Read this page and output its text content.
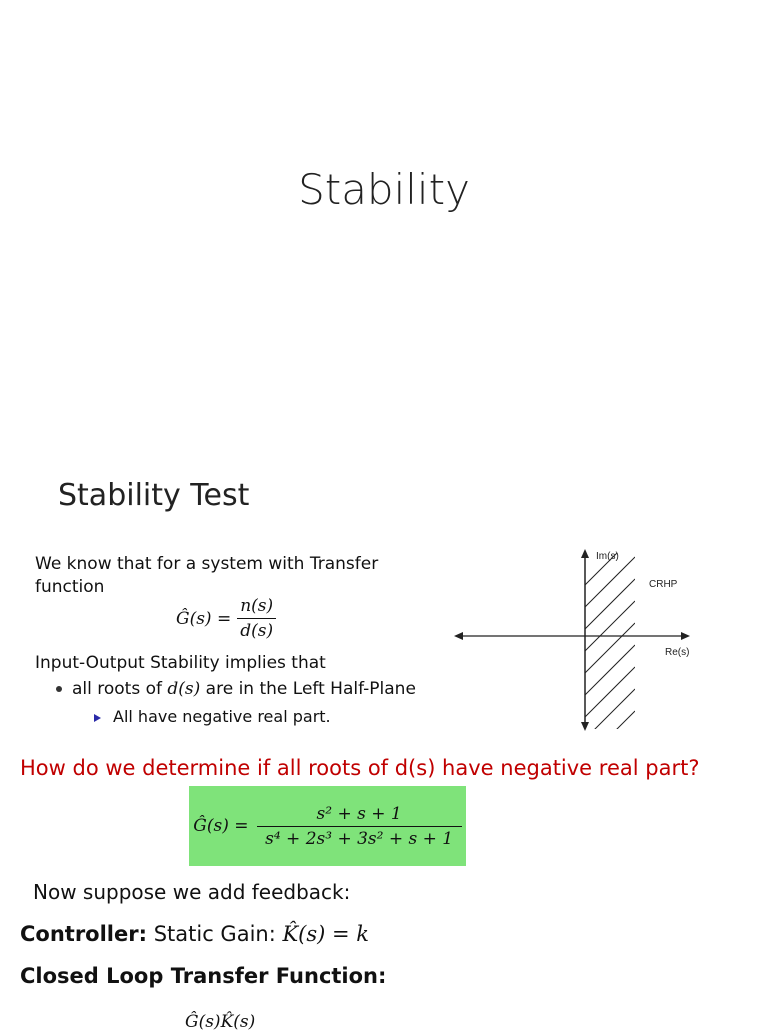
Stability
Stability Test
We know that for a system with Transfer
function
Ĝ(s) = $\frac{n(s)}{d(s)}$
Input-Output Stability implies that
all roots of d(s) are in the Left Half-Plane
All have negative real part.
Im(s)
CRHP
Re(s)
How do we determine if all roots of d(s) have negative real part?
Ĝ(s) = $\frac{\text{s² + s + 1}}{\text{s⁴ + 2s³ + 3s² + s + 1}}$
Now suppose we add feedback:
Controller: Static Gain: K̂(s) = k
Closed Loop Transfer Function:
Ĝ(s)K̂(s)
